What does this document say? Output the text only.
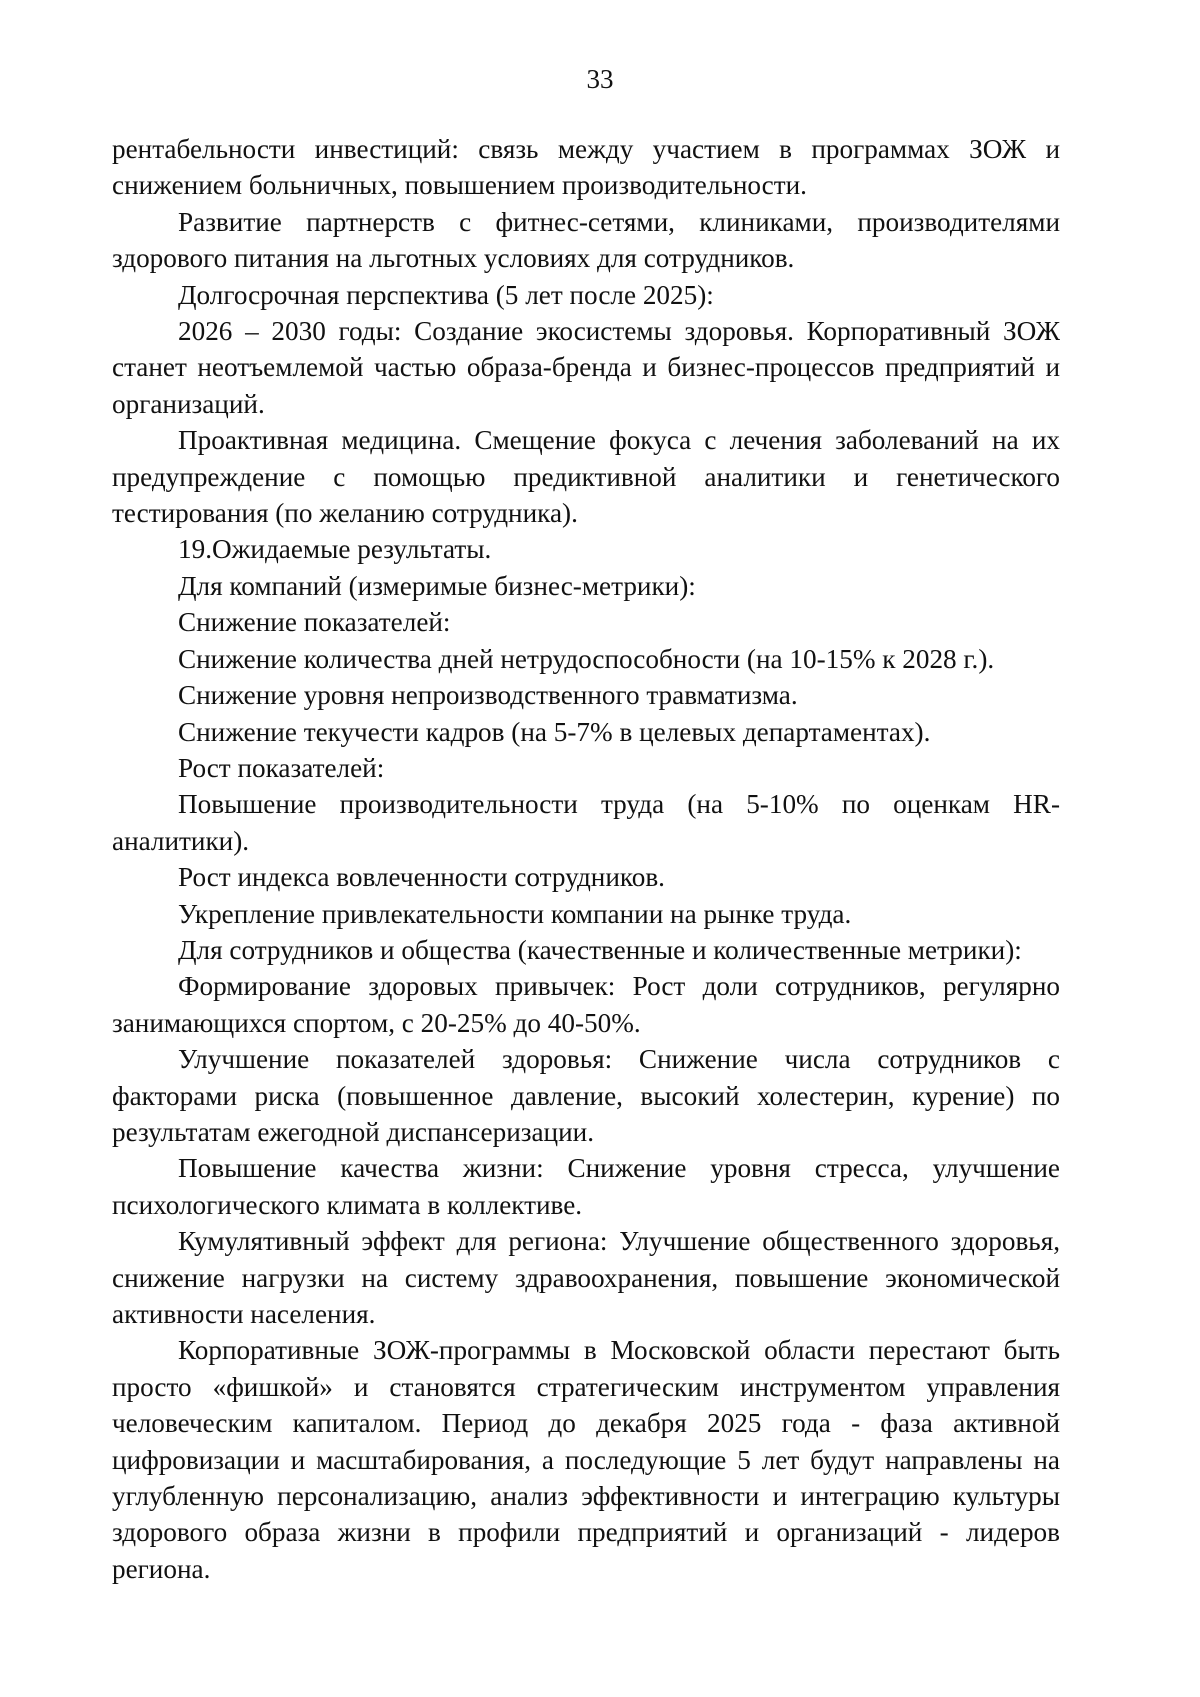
33

рентабельности инвестиций: связь между участием в программах ЗОЖ и снижением больничных, повышением производительности.

Развитие партнерств с фитнес-сетями, клиниками, производителями здорового питания на льготных условиях для сотрудников.

Долгосрочная перспектива (5 лет после 2025):

2026 – 2030 годы: Создание экосистемы здоровья. Корпоративный ЗОЖ станет неотъемлемой частью образа-бренда и бизнес-процессов предприятий и организаций.

Проактивная медицина. Смещение фокуса с лечения заболеваний на их предупреждение с помощью предиктивной аналитики и генетического тестирования (по желанию сотрудника).

19.Ожидаемые результаты.

Для компаний (измеримые бизнес-метрики):

Снижение показателей:

Снижение количества дней нетрудоспособности (на 10-15% к 2028 г.).

Снижение уровня непроизводственного травматизма.

Снижение текучести кадров (на 5-7% в целевых департаментах).

Рост показателей:

Повышение производительности труда (на 5-10% по оценкам HR-аналитики).

Рост индекса вовлеченности сотрудников.

Укрепление привлекательности компании на рынке труда.

Для сотрудников и общества (качественные и количественные метрики):

Формирование здоровых привычек: Рост доли сотрудников, регулярно занимающихся спортом, с 20-25% до 40-50%.

Улучшение показателей здоровья: Снижение числа сотрудников с факторами риска (повышенное давление, высокий холестерин, курение) по результатам ежегодной диспансеризации.

Повышение качества жизни: Снижение уровня стресса, улучшение психологического климата в коллективе.

Кумулятивный эффект для региона: Улучшение общественного здоровья, снижение нагрузки на систему здравоохранения, повышение экономической активности населения.

Корпоративные ЗОЖ-программы в Московской области перестают быть просто «фишкой» и становятся стратегическим инструментом управления человеческим капиталом. Период до декабря 2025 года - фаза активной цифровизации и масштабирования, а последующие 5 лет будут направлены на углубленную персонализацию, анализ эффективности и интеграцию культуры здорового образа жизни в профили предприятий и организаций - лидеров региона.
